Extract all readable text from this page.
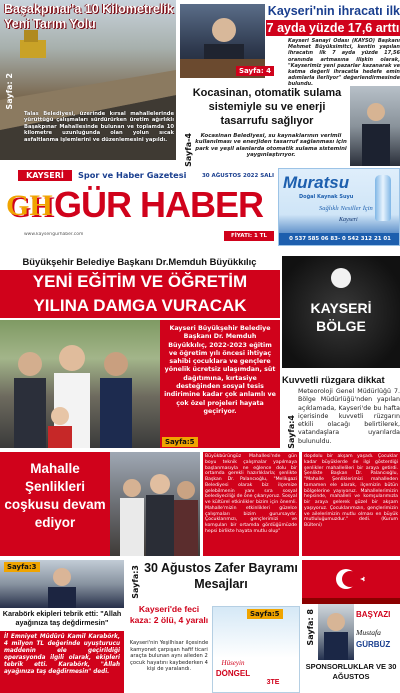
Başakpınar'a 10 Kilometrelik Yeni Tarım Yolu
Sayfa: 2
Talas Belediyesi, üzerinde kırsal mahallelerinde yürüttüğü çalışmaları sürdürürken üretim ağırlıklı Başakpınar Mahallesinde bulunan ve toplamda 10 kilometre uzunluğunda olan yolun sıcak asfaltlanma işlemlerini ve düzenlemesini yapıldı.
Kayseri'nin ihracatı ilk
7 ayda yüzde 17,6 arttı
Sayfa: 4
Kayseri Sanayi Odası (KAYSO) Başkanı Mehmet Büyüksimitci, kentin yapılan ihracatın ilk 7 ayda yüzde 17,56 oranında artmasına ilişkin olarak, "Kayserimiz yeni pazarlar kazanarak ve katma değerli ihracatla hedefe emin adımlarla ilerliyor" değerlendirmesinde bulundu.
Kocasinan, otomatik sulama sistemiyle su ve enerji tasarrufu sağlıyor
Sayfa-4	Kocasinan Belediyesi, su kaynaklarının verimli kullanılması ve enerjiden tasarruf sağlanması için park ve yeşil alanlarda otomatik sulama sistemini yaygınlaştırıyor.
KAYSERİ	Spor ve Haber Gazetesi	30 AĞUSTOS 2022 SALI
GH GÜR HABER
www.kayserigurhaber.com	FİYATI: 1 TL
Muratsu
Doğal Kaynak Suyu
Sağlıklı Nesiller İçin
Kayseri
0 537 585 06 83- 0 542 312 21 01
Büyükşehir Belediye Başkanı Dr.Memduh Büyükkılıç
YENİ EĞİTİM VE ÖĞRETİM
YILINA DAMGA VURACAK
Kayseri Büyükşehir Belediye Başkanı Dr. Memduh Büyükkılıç, 2022-2023 eğitim ve öğretim yılı öncesi ihtiyaç sahibi çocuklara ve gençlere yönelik ücretsiz ulaşımdan, süt dağıtımına, kırtasiye desteğinden sosyal tesis indirimine kadar çok anlamlı ve çok özel projeleri hayata geçiriyor.
Sayfa:5
KAYSERİ
BÖLGE
Kuvvetli rüzgara dikkat
Sayfa:4
Meteoroloji Genel Müdürlüğü 7. Bölge Müdürlüğü'nden yapılan açıklamada, Kayseri'de bu hafta içerisinde kuvvetli rüzgarın etkili olacağı belirtilerek, vatandaşlara uyarılarda bulunuldu.
Mahalle Şenlikleri coşkusu devam ediyor
Büyükbürüngüz Mahallesi'nde gün boyu teknik çalışmalar yapılmaya başlanmasıyla ne eğlence dolu bir ortamda gerekli hazırlıklarla; şenlikte Başkan Dr. Palancıoğlu, "Melikgazi Belediyesi olarak biz ilçemize gelebilmenin yanı sıra sosyal belediyeciliği de öne çıkarıyoruz. Sosyal ve kültürel etkinlikler bizim için önemli. Mahalle'mizin etkinlikleri güzelce çalışmaları bizim gurursaydır. Çocuklarımızı, gençlerimizi ve komşuları bir ortamda gördüğümüzde hepsi birlikte hayata mutlu olup"
dopdolu bir akşam yaşadı. Çocuklar kadar büyüklerde de ilgi gösterdiği şenlikler mahallelileri bir araya getirdi. Şenlikte Başkan Dr. Palancıoğlu, "Mahalle Şenliklerimizi mahalleden tamamen ele alarak, ilçemizin bütün bölgelerine yayıyoruz. Mahallelerimizin hepsinde, mahalleli ve komşularımızla bir araya gelerek güzel bir akşam yaşıyoruz. Çocuklarımızın, gençlerimizin ve ailelerimizin mutlu olması en büyük mutluluğumuzdur." dedi. (Kurum Bülteni)
Sayfa:3
Karabörk ekipleri tebrik etti: "Allah ayağınıza taş değdirmesin"
İl Emniyet Müdürü Kamil Karabörk, 4 milyon TL değerinde uyuşturucu maddenin ele geçirildiği operasyonda ilgili olarak, ekipleri tebrik etti. Karabörk, "Allah ayağınıza taş değdirmesin" dedi.
Sayfa:3 30 Ağustos Zafer Bayramı Mesajları
Kayseri'de feci kaza: 2 ölü, 4 yaralı
Kayseri'nin Yeşilhisar ilçesinde kamyonet çarpışan hafif ticari araçta bulunan aynı aileden 2 çocuk hayatını kaybederken 4 kişi de yaralandı.
Sayfa:5
Hüseyin
DÖNGEL
3TE
Sayfa: 8	BAŞYAZI
Mustafa
GÜRBÜZ
SPONSORLUKLAR VE 30 AĞUSTOS
